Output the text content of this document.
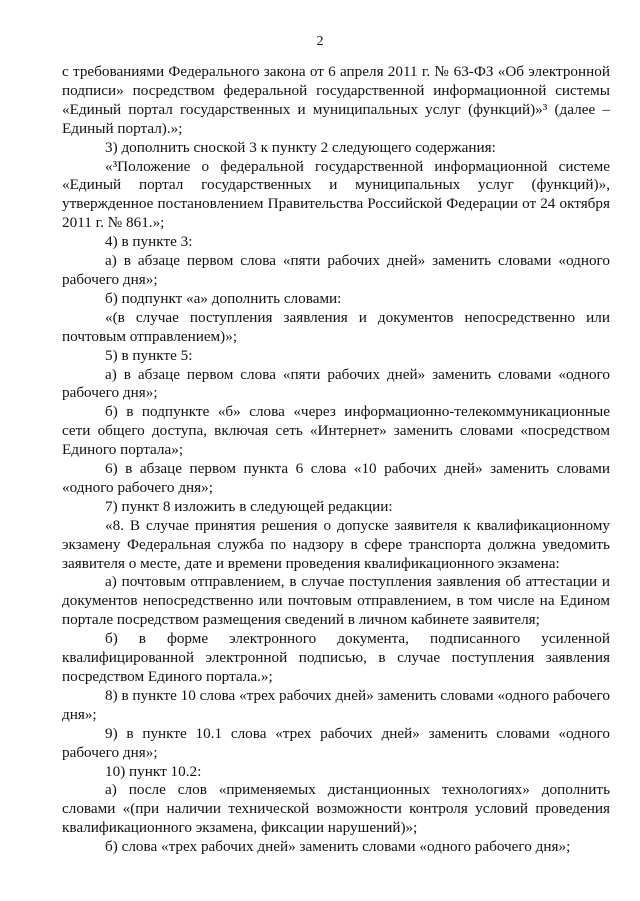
2

с требованиями Федерального закона от 6 апреля 2011 г. № 63-ФЗ «Об электронной подписи» посредством федеральной государственной информационной системы «Единый портал государственных и муниципальных услуг (функций)»³ (далее – Единый портал).»;

3) дополнить сноской 3 к пункту 2 следующего содержания:

«³Положение о федеральной государственной информационной системе «Единый портал государственных и муниципальных услуг (функций)», утвержденное постановлением Правительства Российской Федерации от 24 октября 2011 г. № 861.»;

4) в пункте 3:

а) в абзаце первом слова «пяти рабочих дней» заменить словами «одного рабочего дня»;

б) подпункт «а» дополнить словами:

«(в случае поступления заявления и документов непосредственно или почтовым отправлением)»;

5) в пункте 5:

а) в абзаце первом слова «пяти рабочих дней» заменить словами «одного рабочего дня»;

б) в подпункте «б» слова «через информационно-телекоммуникационные сети общего доступа, включая сеть «Интернет» заменить словами «посредством Единого портала»;

6) в абзаце первом пункта 6 слова «10 рабочих дней» заменить словами «одного рабочего дня»;

7) пункт 8 изложить в следующей редакции:

«8. В случае принятия решения о допуске заявителя к квалификационному экзамену Федеральная служба по надзору в сфере транспорта должна уведомить заявителя о месте, дате и времени проведения квалификационного экзамена:

а) почтовым отправлением, в случае поступления заявления об аттестации и документов непосредственно или почтовым отправлением, в том числе на Едином портале посредством размещения сведений в личном кабинете заявителя;

б) в форме электронного документа, подписанного усиленной квалифицированной электронной подписью, в случае поступления заявления посредством Единого портала.»;

8) в пункте 10 слова «трех рабочих дней» заменить словами «одного рабочего дня»;

9) в пункте 10.1 слова «трех рабочих дней» заменить словами «одного рабочего дня»;

10) пункт 10.2:

а) после слов «применяемых дистанционных технологиях» дополнить словами «(при наличии технической возможности контроля условий проведения квалификационного экзамена, фиксации нарушений)»;

б) слова «трех рабочих дней» заменить словами «одного рабочего дня»;
